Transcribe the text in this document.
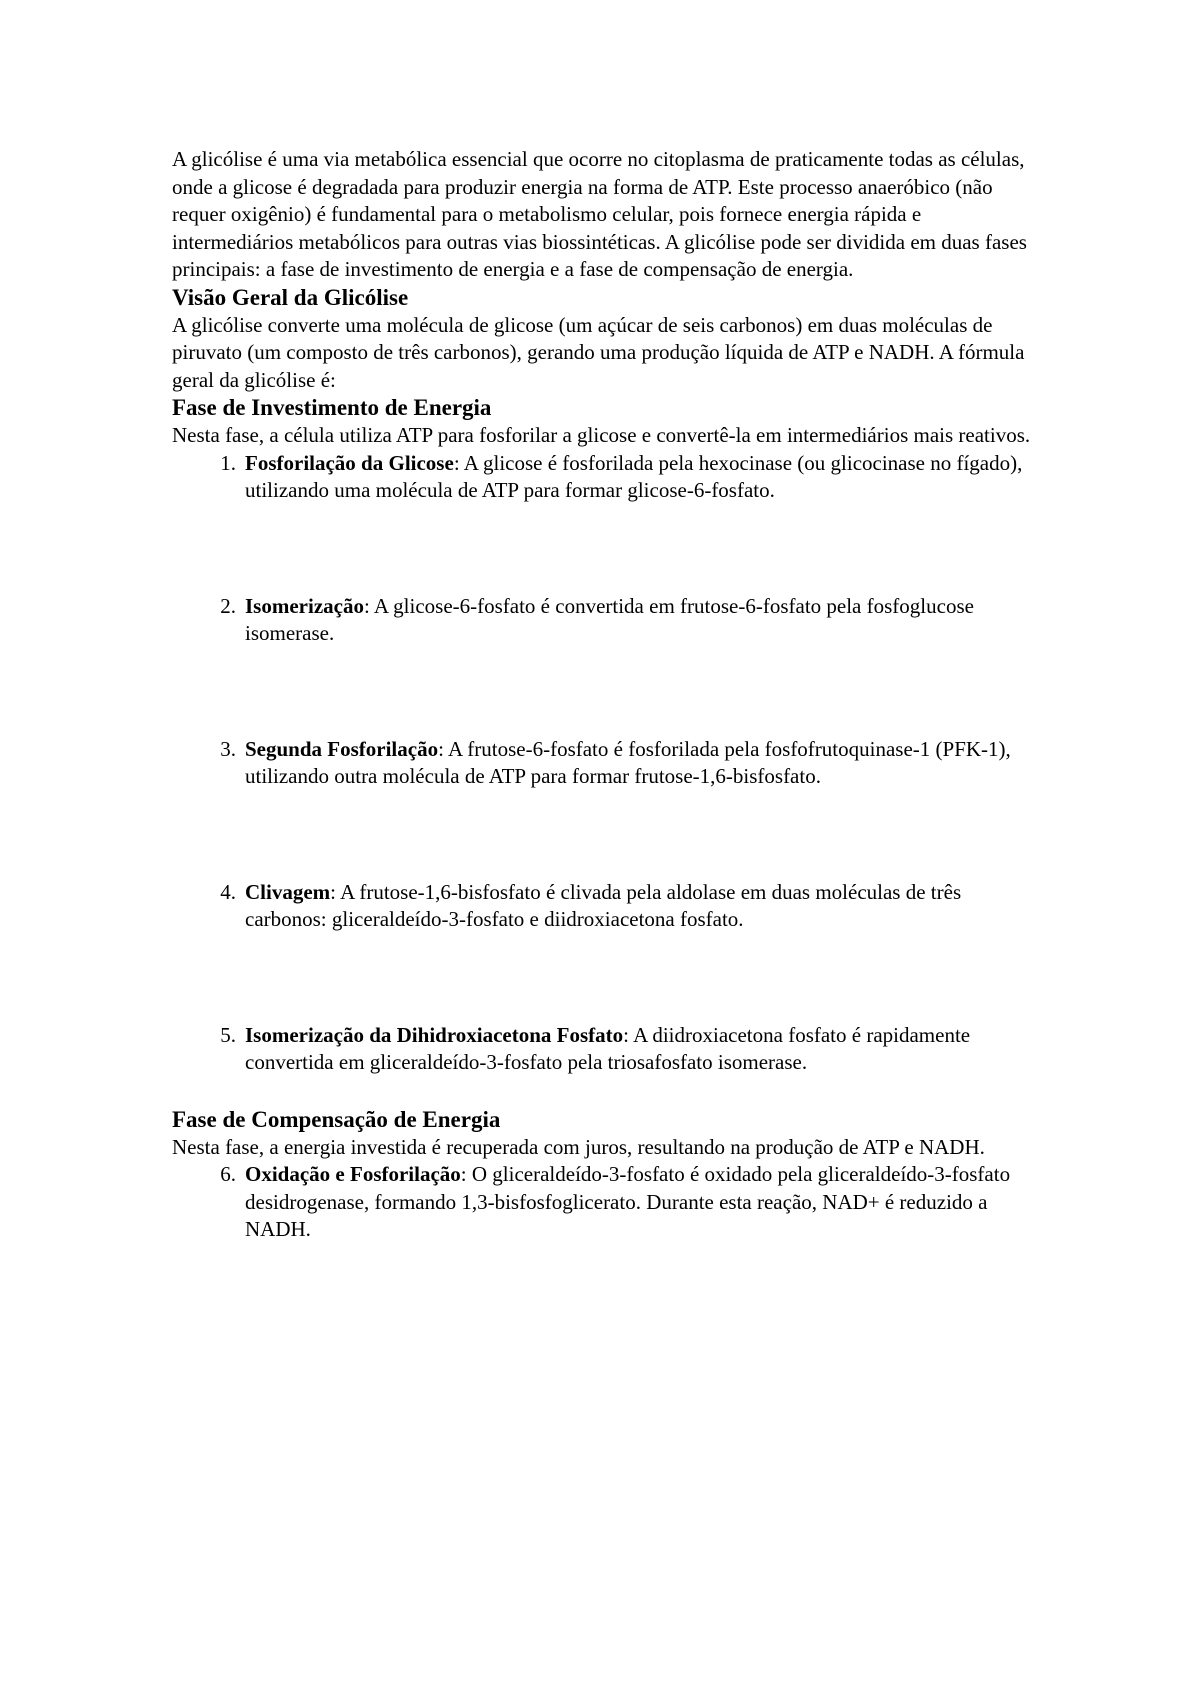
A glicólise é uma via metabólica essencial que ocorre no citoplasma de praticamente todas as células, onde a glicose é degradada para produzir energia na forma de ATP. Este processo anaeróbico (não requer oxigênio) é fundamental para o metabolismo celular, pois fornece energia rápida e intermediários metabólicos para outras vias biossintéticas. A glicólise pode ser dividida em duas fases principais: a fase de investimento de energia e a fase de compensação de energia.

Visão Geral da Glicólise

A glicólise converte uma molécula de glicose (um açúcar de seis carbonos) em duas moléculas de piruvato (um composto de três carbonos), gerando uma produção líquida de ATP e NADH. A fórmula geral da glicólise é:

Fase de Investimento de Energia

Nesta fase, a célula utiliza ATP para fosforilar a glicose e convertê-la em intermediários mais reativos.

1. Fosforilação da Glicose: A glicose é fosforilada pela hexocinase (ou glicocinase no fígado), utilizando uma molécula de ATP para formar glicose-6-fosfato.
2. Isomerização: A glicose-6-fosfato é convertida em frutose-6-fosfato pela fosfoglucose isomerase.
3. Segunda Fosforilação: A frutose-6-fosfato é fosforilada pela fosfofrutoquinase-1 (PFK-1), utilizando outra molécula de ATP para formar frutose-1,6-bisfosfato.
4. Clivagem: A frutose-1,6-bisfosfato é clivada pela aldolase em duas moléculas de três carbonos: gliceraldeído-3-fosfato e diidroxiacetona fosfato.
5. Isomerização da Dihidroxiacetona Fosfato: A diidroxiacetona fosfato é rapidamente convertida em gliceraldeído-3-fosfato pela triosafosfato isomerase.
Fase de Compensação de Energia

Nesta fase, a energia investida é recuperada com juros, resultando na produção de ATP e NADH.

6. Oxidação e Fosforilação: O gliceraldeído-3-fosfato é oxidado pela gliceraldeído-3-fosfato desidrogenase, formando 1,3-bisfosfoglicerato. Durante esta reação, NAD+ é reduzido a NADH.
